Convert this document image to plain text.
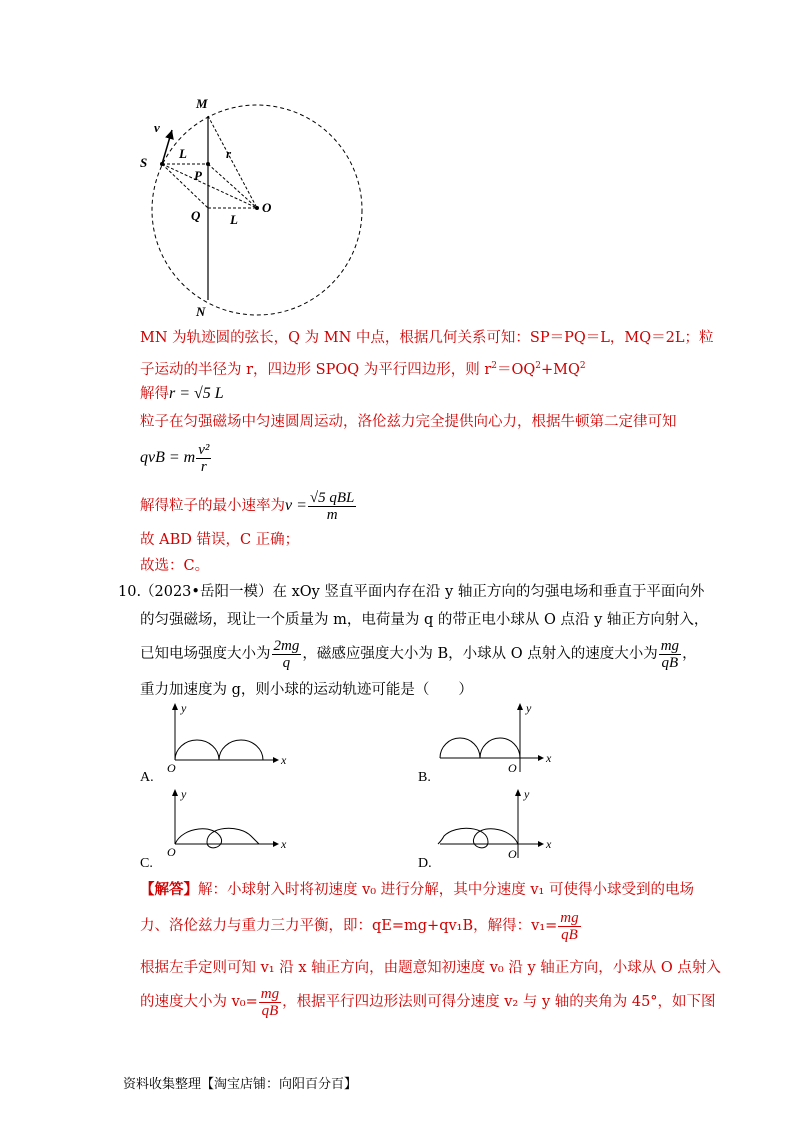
M
N
S
P
Q
O
v
L
L
r
MN 为轨迹圆的弦长，Q 为 MN 中点，根据几何关系可知：SP＝PQ＝L，MQ＝2L；粒
子运动的半径为 r，四边形 SPOQ 为平行四边形，则 $r^2=OQ^2+MQ^2$
解得r = √5 L
粒子在匀强磁场中匀速圆周运动，洛伦兹力完全提供向心力，根据牛顿第二定律可知
qvB = m $\frac{\text{v²}}{r}$
解得粒子的最小速率为$v = \frac{\text{√5 qBL}}{m}$
故 ABD 错误，C 正确；
故选：C。
10.
（2023•岳阳一模）在 xOy 竖直平面内存在沿 y 轴正方向的匀强电场和垂直于平面向外
的匀强磁场，现让一个质量为 m，电荷量为 q 的带正电小球从 O 点沿 y 轴正方向射入，
已知电场强度大小为 $\frac{2mg}{q}$ ，磁感应强度大小为 B，小球从 O 点射入的速度大小为 $\frac{mg}{qB}$ ，
重力加速度为 g，则小球的运动轨迹可能是（　　）
A.
O
y
x
B.
O
y
x
C.
O
y
x
D.
O
y
x
【解答】解：小球射入时将初速度 v₀ 进行分解，其中分速度 v₁ 可使得小球受到的电场
力、洛伦兹力与重力三力平衡，即：qE=mg+qv₁B，解得：$v_1= \frac{mg}{qB}$
根据左手定则可知 v₁ 沿 x 轴正方向，由题意知初速度 v₀ 沿 y 轴正方向，小球从 O 点射入
的速度大小为 $v_0= \frac{mg}{qB}$ ，根据平行四边形法则可得分速度 v₂ 与 y 轴的夹角为 45°，如下图
资料收集整理【淘宝店铺：向阳百分百】
